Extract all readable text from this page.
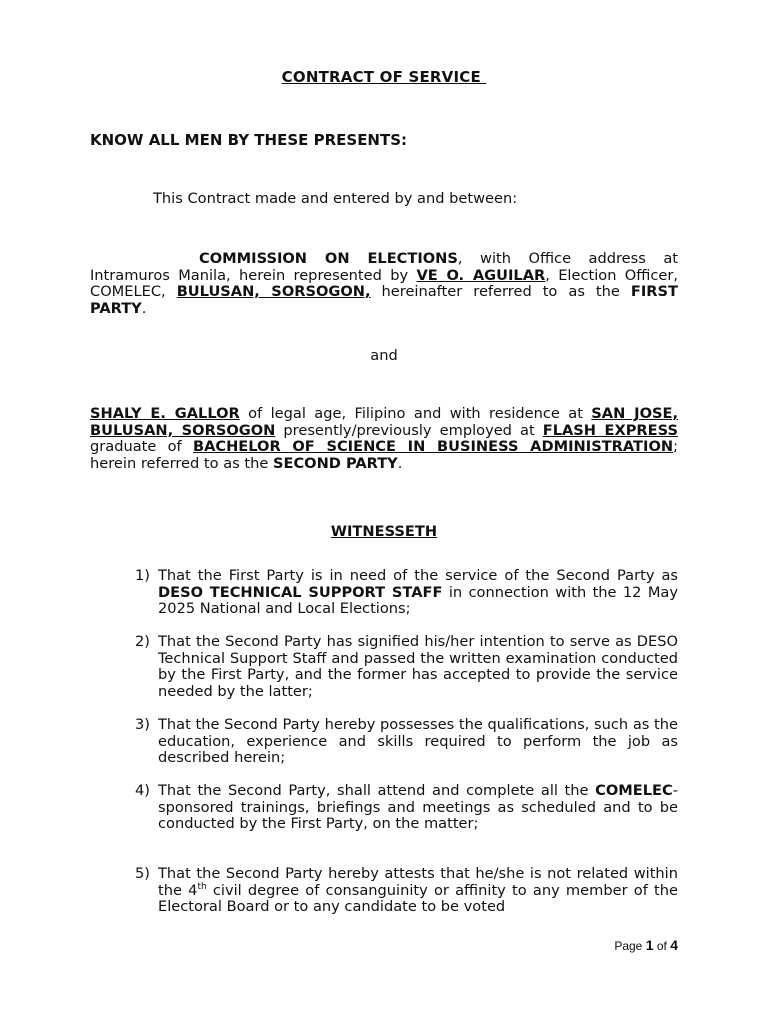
CONTRACT OF SERVICE
KNOW ALL MEN BY THESE PRESENTS:
This Contract made and entered by and between:
COMMISSION ON ELECTIONS, with Office address at Intramuros Manila, herein represented by VE O. AGUILAR, Election Officer, COMELEC, BULUSAN, SORSOGON, hereinafter referred to as the FIRST PARTY.
and
SHALY E. GALLOR of legal age, Filipino and with residence at SAN JOSE, BULUSAN, SORSOGON presently/previously employed at FLASH EXPRESS graduate of BACHELOR OF SCIENCE IN BUSINESS ADMINISTRATION; herein referred to as the SECOND PARTY.
WITNESSETH
1) That the First Party is in need of the service of the Second Party as DESO TECHNICAL SUPPORT STAFF in connection with the 12 May 2025 National and Local Elections;
2) That the Second Party has signified his/her intention to serve as DESO Technical Support Staff and passed the written examination conducted by the First Party, and the former has accepted to provide the service needed by the latter;
3) That the Second Party hereby possesses the qualifications, such as the education, experience and skills required to perform the job as described herein;
4) That the Second Party, shall attend and complete all the COMELEC-sponsored trainings, briefings and meetings as scheduled and to be conducted by the First Party, on the matter;
5) That the Second Party hereby attests that he/she is not related within the 4th civil degree of consanguinity or affinity to any member of the Electoral Board or to any candidate to be voted
Page 1 of 4
